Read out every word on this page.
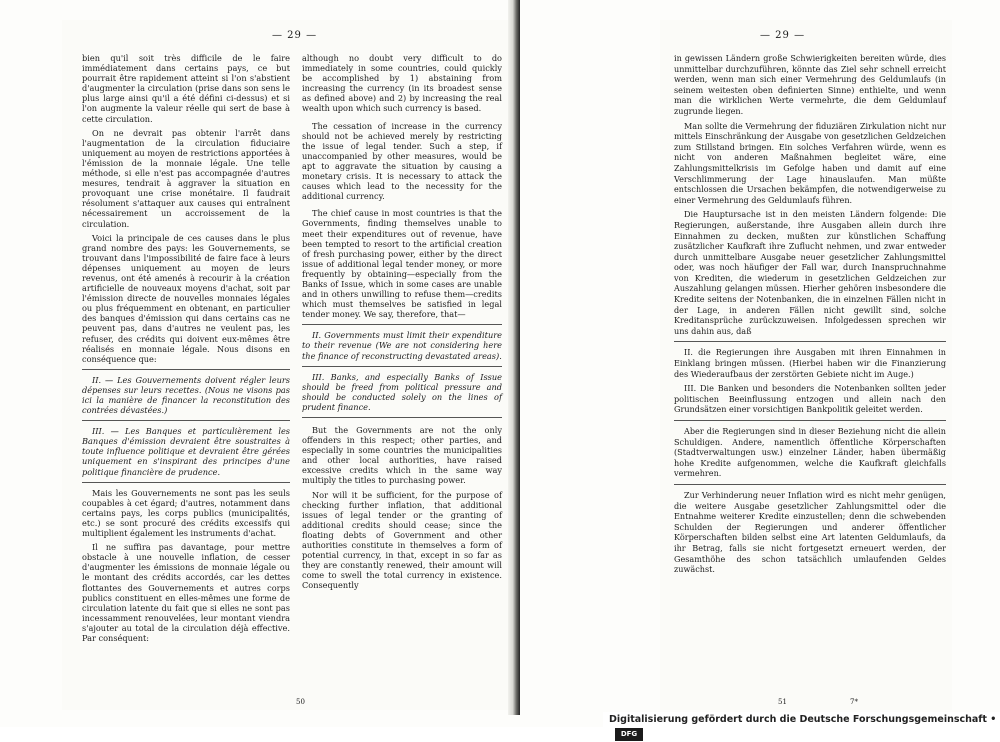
— 29 —

bien qu'il soit très difficile de le faire immédiatement dans certains pays, ce but pourrait être rapidement atteint si l'on s'abstient d'augmenter la circulation (prise dans son sens le plus large ainsi qu'il a été défini ci-dessus) et si l'on augmente la valeur réelle qui sert de base à cette circulation.

On ne devrait pas obtenir l'arrêt dans l'augmentation de la circulation fiduciaire uniquement au moyen de restrictions apportées à l'émission de la monnaie légale. Une telle méthode, si elle n'est pas accompagnée d'autres mesures, tendrait à aggraver la situation en provoquant une crise monétaire. Il faudrait résolument s'attaquer aux causes qui entraînent nécessairement un accroissement de la circulation.

Voici la principale de ces causes dans le plus grand nombre des pays: les Gouvernements, se trouvant dans l'impossibilité de faire face à leurs dépenses uniquement au moyen de leurs revenus, ont été amenés à recourir à la création artificielle de nouveaux moyens d'achat, soit par l'émission directe de nouvelles monnaies légales ou plus fréquemment en obtenant, en particulier des banques d'émission qui dans certains cas ne peuvent pas, dans d'autres ne veulent pas, les refuser, des crédits qui doivent eux-mêmes être réalisés en monnaie légale. Nous disons en conséquence que:

II. — Les Gouvernements doivent régler leurs dépenses sur leurs recettes. (Nous ne visons pas ici la manière de financer la reconstitution des contrées dévastées.)

III. — Les Banques et particulièrement les Banques d'émission devraient être soustraites à toute influence politique et devraient être gérées uniquement en s'inspirant des principes d'une politique financière de prudence.

Mais les Gouvernements ne sont pas les seuls coupables à cet égard; d'autres, notamment dans certains pays, les corps publics (municipalités, etc.) se sont procuré des crédits excessifs qui multiplient également les instruments d'achat.

Il ne suffira pas davantage, pour mettre obstacle à une nouvelle inflation, de cesser d'augmenter les émissions de monnaie légale ou le montant des crédits accordés, car les dettes flottantes des Gouvernements et autres corps publics constituent en elles-mêmes une forme de circulation latente du fait que si elles ne sont pas incessamment renouvelées, leur montant viendra s'ajouter au total de la circulation déjà effective. Par conséquent:

although no doubt very difficult to do immediately in some countries, could quickly be accomplished by 1) abstaining from increasing the currency (in its broadest sense as defined above) and 2) by increasing the real wealth upon which such currency is based.

The cessation of increase in the currency should not be achieved merely by restricting the issue of legal tender. Such a step, if unaccompanied by other measures, would be apt to aggravate the situation by causing a monetary crisis. It is necessary to attack the causes which lead to the necessity for the additional currency.

The chief cause in most countries is that the Governments, finding themselves unable to meet their expenditures out of revenue, have been tempted to resort to the artificial creation of fresh purchasing power, either by the direct issue of additional legal tender money, or more frequently by obtaining—especially from the Banks of Issue, which in some cases are unable and in others unwilling to refuse them—credits which must themselves be satisfied in legal tender money. We say, therefore, that—

II. Governments must limit their expenditure to their revenue (We are not considering here the finance of reconstructing devastated areas).

III. Banks, and especially Banks of Issue should be freed from political pressure and should be conducted solely on the lines of prudent finance.

But the Governments are not the only offenders in this respect; other parties, and especially in some countries the municipalities and other local authorities, have raised excessive credits which in the same way multiply the titles to purchasing power.

Nor will it be sufficient, for the purpose of checking further inflation, that additional issues of legal tender or the granting of additional credits should cease; since the floating debts of Government and other authorities constitute in themselves a form of potential currency, in that, except in so far as they are constantly renewed, their amount will come to swell the total currency in existence. Consequently

50
— 29 —

in gewissen Ländern große Schwierigkeiten bereiten würde, dies unmittelbar durchzuführen, könnte das Ziel sehr schnell erreicht werden, wenn man sich einer Vermehrung des Geldumlaufs (in seinem weitesten oben definierten Sinne) enthielte, und wenn man die wirklichen Werte vermehrte, die dem Geldumlauf zugrunde liegen.

Man sollte die Vermehrung der fiduziären Zirkulation nicht nur mittels Einschränkung der Ausgabe von gesetzlichen Geldzeichen zum Stillstand bringen. Ein solches Verfahren würde, wenn es nicht von anderen Maßnahmen begleitet wäre, eine Zahlungsmittelkrisis im Gefolge haben und damit auf eine Verschlimmerung der Lage hinauslaufen. Man müßte entschlossen die Ursachen bekämpfen, die notwendigerweise zu einer Vermehrung des Geldumlaufs führen.

Die Hauptursache ist in den meisten Ländern folgende: Die Regierungen, außerstande, ihre Ausgaben allein durch ihre Einnahmen zu decken, mußten zur künstlichen Schaffung zusätzlicher Kaufkraft ihre Zuflucht nehmen, und zwar entweder durch unmittelbare Ausgabe neuer gesetzlicher Zahlungsmittel oder, was noch häufiger der Fall war, durch Inanspruchnahme von Krediten, die wiederum in gesetzlichen Geldzeichen zur Auszahlung gelangen müssen. Hierher gehören insbesondere die Kredite seitens der Notenbanken, die in einzelnen Fällen nicht in der Lage, in anderen Fällen nicht gewillt sind, solche Kreditansprüche zurückzuweisen. Infolgedessen sprechen wir uns dahin aus, daß

II. die Regierungen ihre Ausgaben mit ihren Einnahmen in Einklang bringen müssen. (Hierbei haben wir die Finanzierung des Wiederaufbaus der zerstörten Gebiete nicht im Auge.)

III. Die Banken und besonders die Notenbanken sollten jeder politischen Beeinflussung entzogen und allein nach den Grundsätzen einer vorsichtigen Bankpolitik geleitet werden.

Aber die Regierungen sind in dieser Beziehung nicht die allein Schuldigen. Andere, namentlich öffentliche Körperschaften (Stadtverwaltungen usw.) einzelner Länder, haben übermäßig hohe Kredite aufgenommen, welche die Kaufkraft gleichfalls vermehren.

Zur Verhinderung neuer Inflation wird es nicht mehr genügen, die weitere Ausgabe gesetzlicher Zahlungsmittel oder die Entnahme weiterer Kredite einzustellen; denn die schwebenden Schulden der Regierungen und anderer öffentlicher Körperschaften bilden selbst eine Art latenten Geldumlaufs, da ihr Betrag, falls sie nicht fortgesetzt erneuert werden, der Gesamthöhe des schon tatsächlich umlaufenden Geldes zuwächst.

51	7*
Digitalisierung gefördert durch die Deutsche Forschungsgemeinschaft • DFG
